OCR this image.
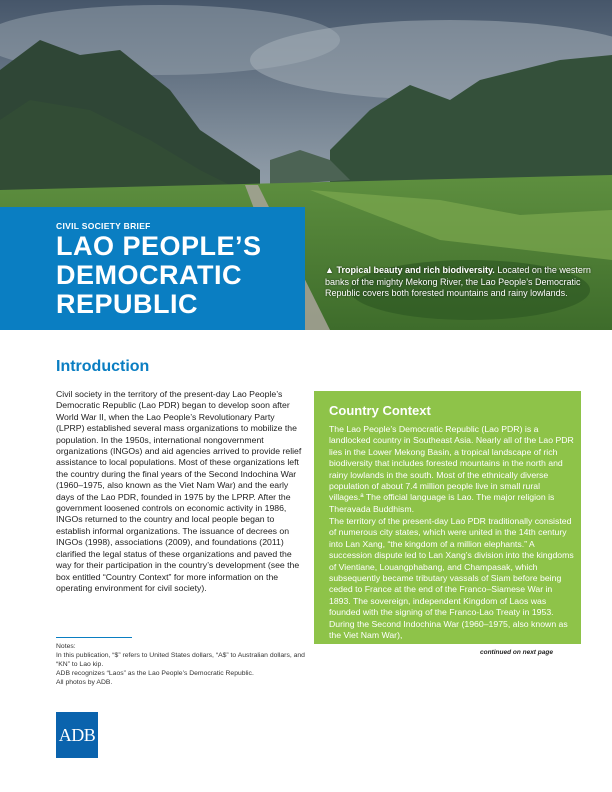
CIVIL SOCIETY BRIEF
LAO PEOPLE’S
DEMOCRATIC
REPUBLIC
▲ Tropical beauty and rich biodiversity. Located on the western banks of the mighty Mekong River, the Lao People’s Democratic Republic covers both forested mountains and rainy lowlands.
Introduction
Civil society in the territory of the present-day Lao People’s Democratic Republic (Lao PDR) began to develop soon after World War II, when the Lao People’s Revolutionary Party (LPRP) established several mass organizations to mobilize the population. In the 1950s, international nongovernment organizations (INGOs) and aid agencies arrived to provide relief assistance to local populations. Most of these organizations left the country during the final years of the Second Indochina War (1960–1975, also known as the Viet Nam War) and the early days of the Lao PDR, founded in 1975 by the LPRP. After the government loosened controls on economic activity in 1986, INGOs returned to the country and local people began to establish informal organizations. The issuance of decrees on INGOs (1998), associations (2009), and foundations (2011) clarified the legal status of these organizations and paved the way for their participation in the country’s development (see the box entitled “Country Context” for more information on the operating environment for civil society).
Notes:
In this publication, “$” refers to United States dollars, “A$” to Australian dollars, and “KN” to Lao kip.
ADB recognizes “Laos” as the Lao People’s Democratic Republic.
All photos by ADB.
Country Context
The Lao People’s Democratic Republic (Lao PDR) is a landlocked country in Southeast Asia. Nearly all of the Lao PDR lies in the Lower Mekong Basin, a tropical landscape of rich biodiversity that includes forested mountains in the north and rainy lowlands in the south. Most of the ethnically diverse population of about 7.4 million people live in small rural villages.ª The official language is Lao. The major religion is Theravada Buddhism.
The territory of the present-day Lao PDR traditionally consisted of numerous city states, which were united in the 14th century into Lan Xang, “the kingdom of a million elephants.” A succession dispute led to Lan Xang’s division into the kingdoms of Vientiane, Louangphabang, and Champasak, which subsequently became tributary vassals of Siam before being ceded to France at the end of the Franco–Siamese War in 1893. The sovereign, independent Kingdom of Laos was founded with the signing of the Franco-Lao Treaty in 1953. During the Second Indochina War (1960–1975, also known as the Viet Nam War),
continued on next page
ADB
